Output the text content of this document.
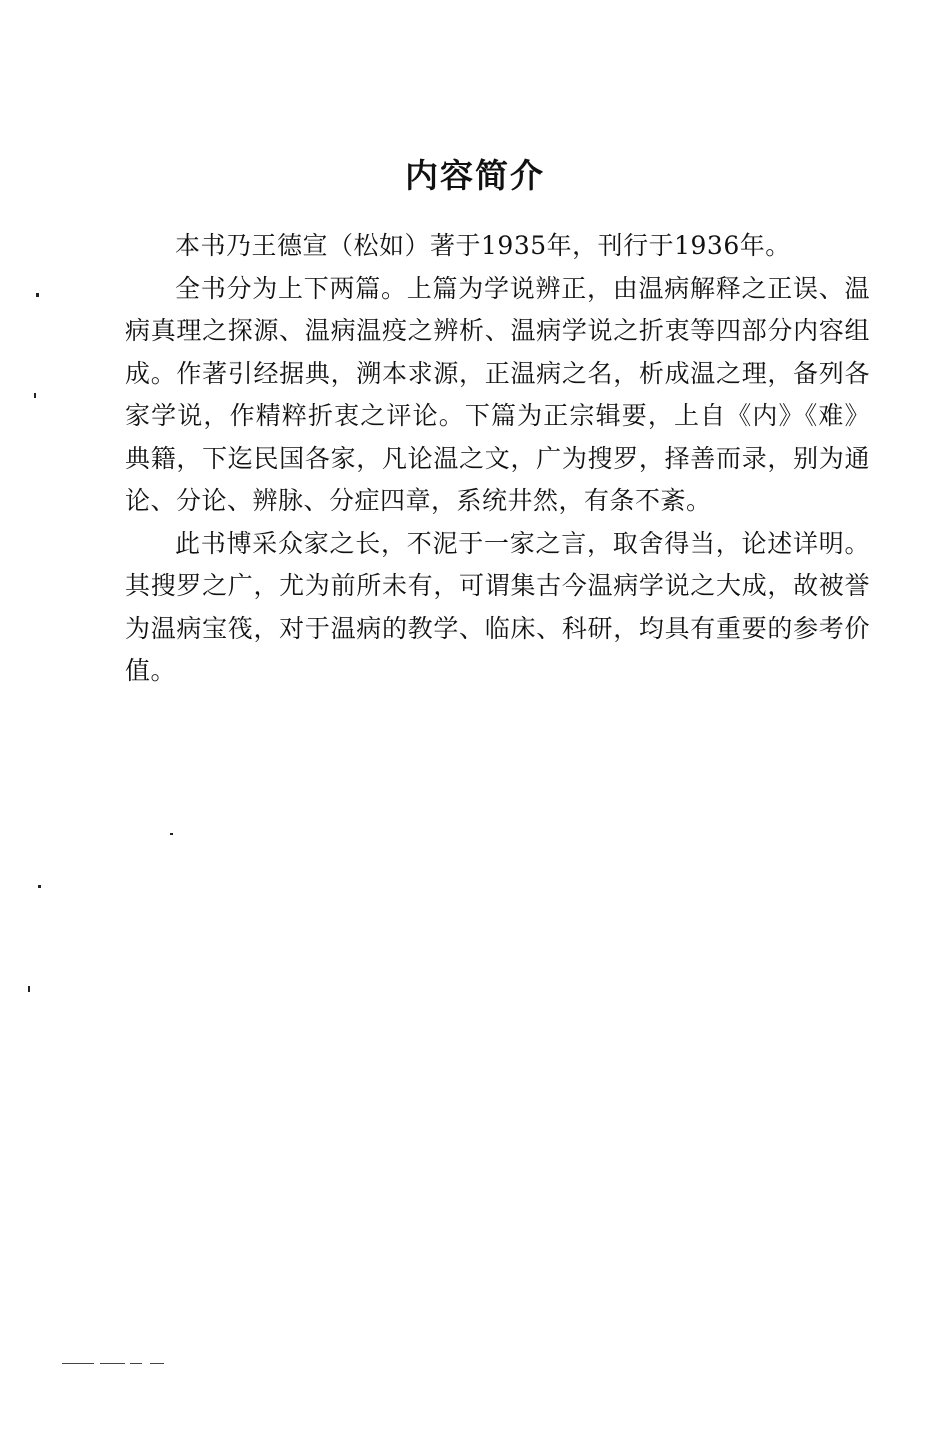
内容简介

本书乃王德宣（松如）著于1935年，刊行于1936年。

全书分为上下两篇。上篇为学说辨正，由温病解释之正误、温病真理之探源、温病温疫之辨析、温病学说之折衷等四部分内容组成。作著引经据典，溯本求源，正温病之名，析成温之理，备列各家学说，作精粹折衷之评论。下篇为正宗辑要，上自《内》《难》典籍，下迄民国各家，凡论温之文，广为搜罗，择善而录，别为通论、分论、辨脉、分症四章，系统井然，有条不紊。

此书博采众家之长，不泥于一家之言，取舍得当，论述详明。其搜罗之广，尤为前所未有，可谓集古今温病学说之大成，故被誉为温病宝筏，对于温病的教学、临床、科研，均具有重要的参考价值。
